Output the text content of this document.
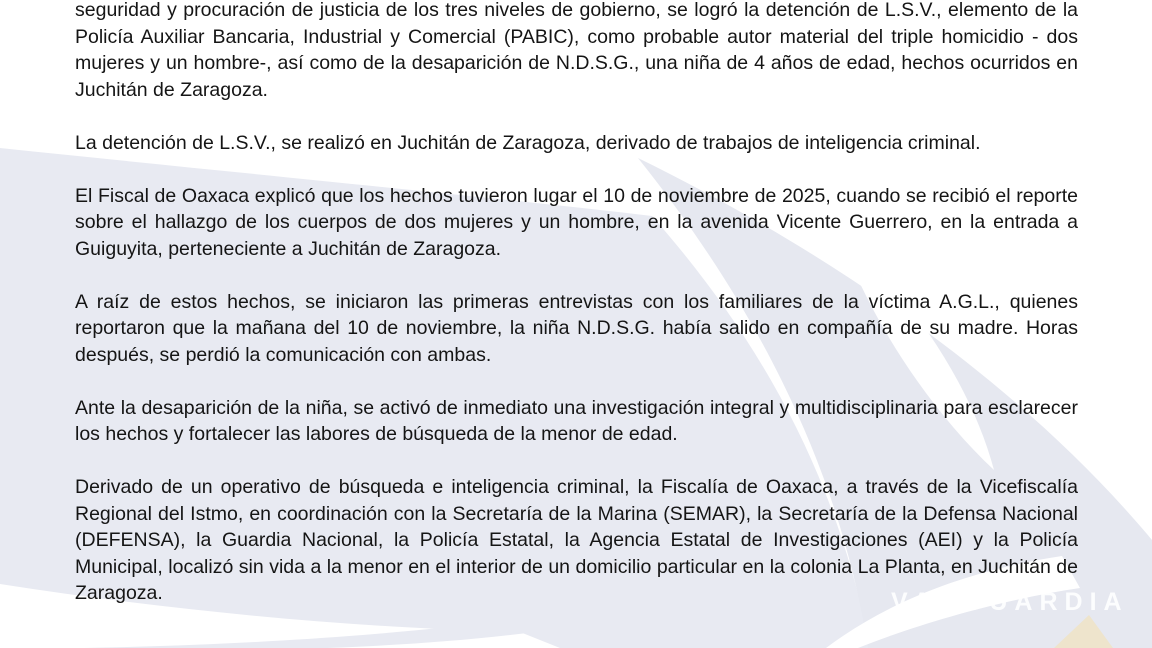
VANGUARDIA

seguridad y procuración de justicia de los tres niveles de gobierno, se logró la detención de L.S.V., elemento de la Policía Auxiliar Bancaria, Industrial y Comercial (PABIC), como probable autor material del triple homicidio - dos mujeres y un hombre-, así como de la desaparición de N.D.S.G., una niña de 4 años de edad, hechos ocurridos en Juchitán de Zaragoza.

La detención de L.S.V., se realizó en Juchitán de Zaragoza, derivado de trabajos de inteligencia criminal.

El Fiscal de Oaxaca explicó que los hechos tuvieron lugar el 10 de noviembre de 2025, cuando se recibió el reporte sobre el hallazgo de los cuerpos de dos mujeres y un hombre, en la avenida Vicente Guerrero, en la entrada a Guiguyita, perteneciente a Juchitán de Zaragoza.

A raíz de estos hechos, se iniciaron las primeras entrevistas con los familiares de la víctima A.G.L., quienes reportaron que la mañana del 10 de noviembre, la niña N.D.S.G. había salido en compañía de su madre. Horas después, se perdió la comunicación con ambas.

Ante la desaparición de la niña, se activó de inmediato una investigación integral y multidisciplinaria para esclarecer los hechos y fortalecer las labores de búsqueda de la menor de edad.

Derivado de un operativo de búsqueda e inteligencia criminal, la Fiscalía de Oaxaca, a través de la Vicefiscalía Regional del Istmo, en coordinación con la Secretaría de la Marina (SEMAR), la Secretaría de la Defensa Nacional (DEFENSA), la Guardia Nacional, la Policía Estatal, la Agencia Estatal de Investigaciones (AEI) y la Policía Municipal, localizó sin vida a la menor en el interior de un domicilio particular en la colonia La Planta, en Juchitán de Zaragoza.
